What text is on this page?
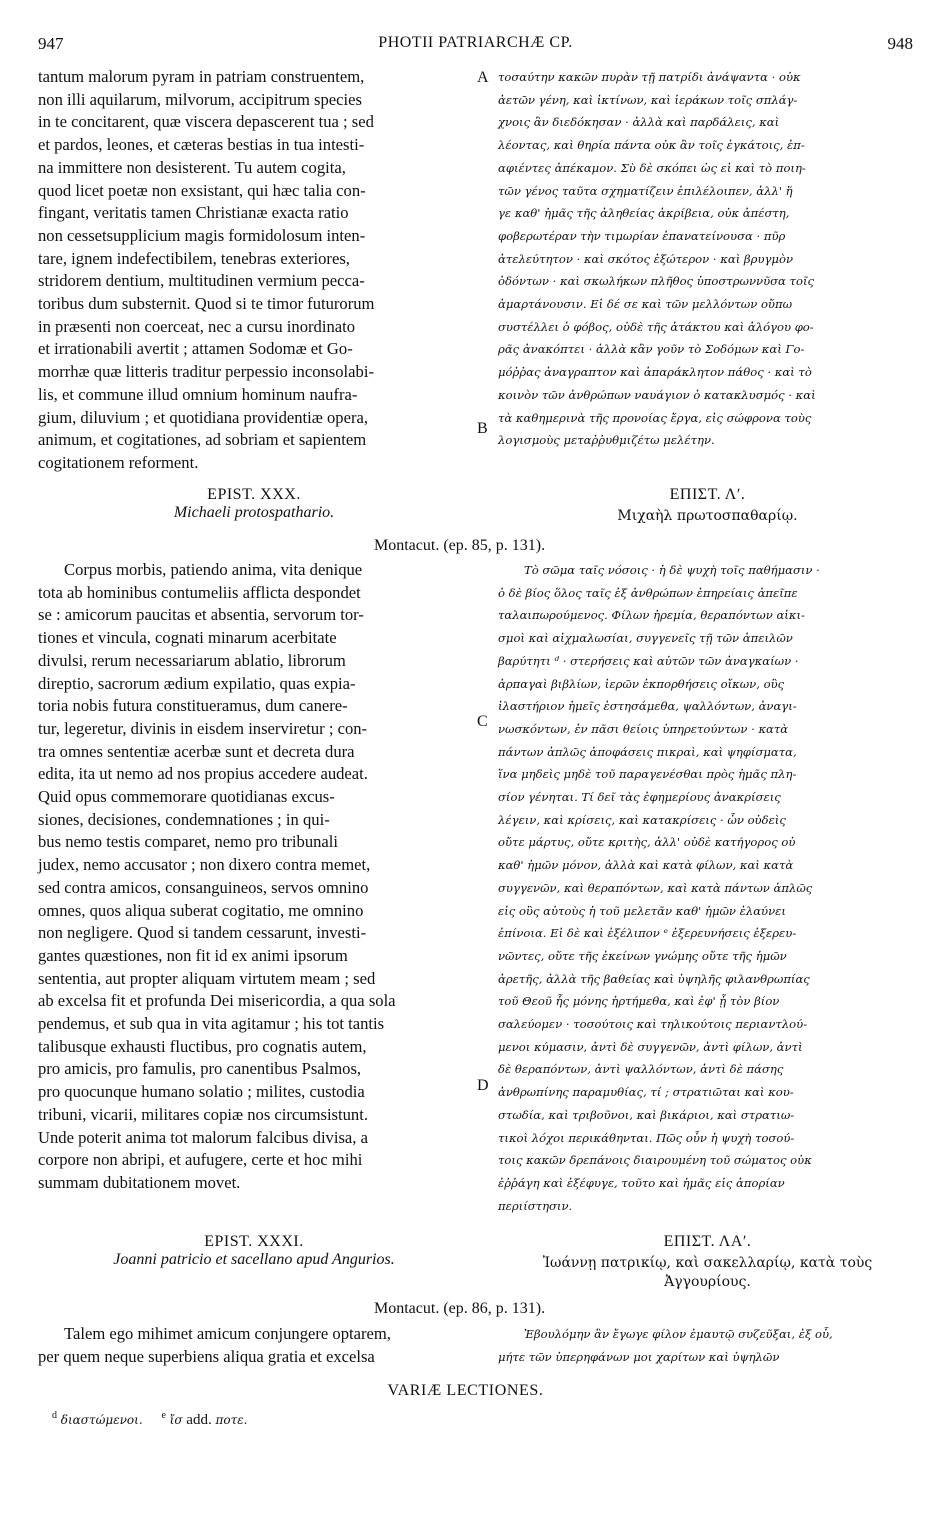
947	PHOTII PATRIARCHÆ CP.	948

tantum malorum pyram in patriam construentem,

non illi aquilarum, milvorum, accipitrum species

in te concitarent, quæ viscera depascerent tua ; sed

et pardos, leones, et cæteras bestias in tua intesti-

na immittere non desisterent. Tu autem cogita,

quod licet poetæ non exsistant, qui hæc talia con-

fingant, veritatis tamen Christianæ exacta ratio

non cessetsupplicium magis formidolosum inten-

tare, ignem indefectibilem, tenebras exteriores,

stridorem dentium, multitudinen vermium pecca-

toribus dum substernit. Quod si te timor futurorum

in præsenti non coerceat, nec a cursu inordinato

et irrationabili avertit ; attamen Sodomæ et Go-

morrhæ quæ litteris traditur perpessio inconsolabi-

lis, et commune illud omnium hominum naufra-

gium, diluvium ; et quotidiana providentiæ opera,

animum, et cogitationes, ad sobriam et sapientem

cogitationem reforment.

τοσαύτην κακῶν πυρὰν τῇ πατρίδι ἀνάψαντα · οὐκ

ἀετῶν γένη, καὶ ἰκτίνων, καὶ ἱεράκων τοῖς σπλάγ-

χνοις ἂν διεδόκησαν · ἀλλὰ καὶ παρδάλεις, καὶ

λέοντας, καὶ θηρία πάντα οὐκ ἂν τοῖς ἐγκάτοις, ἐπ-

αφιέντες ἀπέκαμον. Σὺ δὲ σκόπει ὡς εἰ καὶ τὸ ποιη-

τῶν γένος ταῦτα σχηματίζειν ἐπιλέλοιπεν, ἀλλ' ἥ

γε καθ' ἡμᾶς τῆς ἀληθείας ἀκρίβεια, οὐκ ἀπέστη,

φοβερωτέραν τὴν τιμωρίαν ἐπανατείνουσα · πῦρ

ἀτελεύτητον · καὶ σκότος ἐξώτερον · καὶ βρυγμὸν

ὀδόντων · καὶ σκωλήκων πλῆθος ὑποστρωννῦσα τοῖς

ἁμαρτάνουσιν. Εἰ δέ σε καὶ τῶν μελλόντων οὔπω

συστέλλει ὁ φόβος, οὐδὲ τῆς ἀτάκτου καὶ ἀλόγου φο-

ρᾶς ἀνακόπτει · ἀλλὰ κἂν γοῦν τὸ Σοδόμων καὶ Γο-

μόῤῥας ἀναγραπτον καὶ ἀπαράκλητον πάθος · καὶ τὸ

κοινὸν τῶν ἀνθρώπων ναυάγιον ὁ κατακλυσμός · καὶ

τὰ καθημερινὰ τῆς προνοίας ἔργα, εἰς σώφρονα τοὺς

λογισμοὺς μεταῤῥυθμιζέτω μελέτην.

A
B
C
D
EPIST. XXX.
Michaeli protospathario.
ΕΠΙΣΤ. Λʹ.
Μιχαὴλ πρωτοσπαθαρίῳ.
Montacut. (ep. 85, p. 131).

Corpus morbis, patiendo anima, vita denique

tota ab hominibus contumeliis afflicta despondet

se : amicorum paucitas et absentia, servorum tor-

tiones et vincula, cognati minarum acerbitate

divulsi, rerum necessariarum ablatio, librorum

direptio, sacrorum ædium expilatio, quas expia-

toria nobis futura constitueramus, dum canere-

tur, legeretur, divinis in eisdem inserviretur ; con-

tra omnes sententiæ acerbæ sunt et decreta dura

edita, ita ut nemo ad nos propius accedere audeat.

Quid opus commemorare quotidianas excus-

siones, decisiones, condemnationes ; in qui-

bus nemo testis comparet, nemo pro tribunali

judex, nemo accusator ; non dixero contra memet,

sed contra amicos, consanguineos, servos omnino

omnes, quos aliqua suberat cogitatio, me omnino

non negligere. Quod si tandem cessarunt, investi-

gantes quæstiones, non fit id ex animi ipsorum

sententia, aut propter aliquam virtutem meam ; sed

ab excelsa fit et profunda Dei misericordia, a qua sola

pendemus, et sub qua in vita agitamur ; his tot tantis

talibusque exhausti fluctibus, pro cognatis autem,

pro amicis, pro famulis, pro canentibus Psalmos,

pro quocunque humano solatio ; milites, custodia

tribuni, vicarii, militares copiæ nos circumsistunt.

Unde poterit anima tot malorum falcibus divisa, a

corpore non abripi, et aufugere, certe et hoc mihi

summam dubitationem movet.

Τὸ σῶμα ταῖς νόσοις · ἡ δὲ ψυχὴ τοῖς παθήμασιν ·

ὁ δὲ βίος ὅλος ταῖς ἐξ ἀνθρώπων ἐπηρείαις ἀπεῖπε

ταλαιπωρούμενος. Φίλων ἠρεμία, θεραπόντων αἰκι-

σμοὶ καὶ αἰχμαλωσίαι, συγγενεῖς τῇ τῶν ἀπειλῶν

βαρύτητι ᵈ · στερήσεις καὶ αὐτῶν τῶν ἀναγκαίων ·

ἁρπαγαὶ βιβλίων, ἱερῶν ἐκπορθήσεις οἴκων, οὓς

ἱλαστήριον ἡμεῖς ἐστησάμεθα, ψαλλόντων, ἀναγι-

νωσκόντων, ἐν πᾶσι θείοις ὑπηρετούντων · κατὰ

πάντων ἁπλῶς ἀποφάσεις πικραὶ, καὶ ψηφίσματα,

ἵνα μηδεὶς μηδὲ τοῦ παραγενέσθαι πρὸς ἡμᾶς πλη-

σίον γένηται. Τί δεῖ τὰς ἐφημερίους ἀνακρίσεις

λέγειν, καὶ κρίσεις, καὶ κατακρίσεις · ὧν οὐδεὶς

οὔτε μάρτυς, οὔτε κριτὴς, ἀλλ' οὐδὲ κατήγορος οὐ

καθ' ἡμῶν μόνον, ἀλλὰ καὶ κατὰ φίλων, καὶ κατὰ

συγγενῶν, καὶ θεραπόντων, καὶ κατὰ πάντων ἁπλῶς

εἰς οὓς αὐτοὺς ἡ τοῦ μελετᾶν καθ' ἡμῶν ἐλαύνει

ἐπίνοια. Εἰ δὲ καὶ ἐξέλιπον ᵉ ἐξερευνήσεις ἐξερευ-

νῶντες, οὔτε τῆς ἐκείνων γνώμης οὔτε τῆς ἡμῶν

ἀρετῆς, ἀλλὰ τῆς βαθείας καὶ ὑψηλῆς φιλανθρωπίας

τοῦ Θεοῦ ἧς μόνης ἠρτήμεθα, καὶ ἐφ' ᾗ τὸν βίον

σαλεύομεν · τοσούτοις καὶ τηλικούτοις περιαντλού-

μενοι κύμασιν, ἀντὶ δὲ συγγενῶν, ἀντὶ φίλων, ἀντὶ

δὲ θεραπόντων, ἀντὶ ψαλλόντων, ἀντὶ δὲ πάσης

ἀνθρωπίνης παραμυθίας, τί ; στρατιῶται καὶ κου-

στωδία, καὶ τριβοῦνοι, καὶ βικάριοι, καὶ στρατιω-

τικοὶ λόχοι περικάθηνται. Πῶς οὖν ἡ ψυχὴ τοσού-

τοις κακῶν δρεπάνοις διαιρουμένη τοῦ σώματος οὐκ

ἐῤῥάγη καὶ ἐξέφυγε, τοῦτο καὶ ἡμᾶς εἰς ἀπορίαν

περιίστησιν.

EPIST. XXXI.
Joanni patricio et sacellano apud Angurios.
ΕΠΙΣΤ. ΛΑʹ.
Ἰωάννῃ πατρικίῳ, καὶ σακελλαρίῳ, κατὰ τοὺς
Ἀγγουρίους.
Montacut. (ep. 86, p. 131).

Talem ego mihimet amicum conjungere optarem,

per quem neque superbiens aliqua gratia et excelsa

Ἐβουλόμην ἂν ἔγωγε φίλον ἐμαυτῷ συζεῦξαι, ἐξ οὗ,

μήτε τῶν ὑπερηφάνων μοι χαρίτων καὶ ὑψηλῶν

VARIÆ LECTIONES.
$^d$ διαστώμενοι. $^e$ ἴσ add. ποτε.
